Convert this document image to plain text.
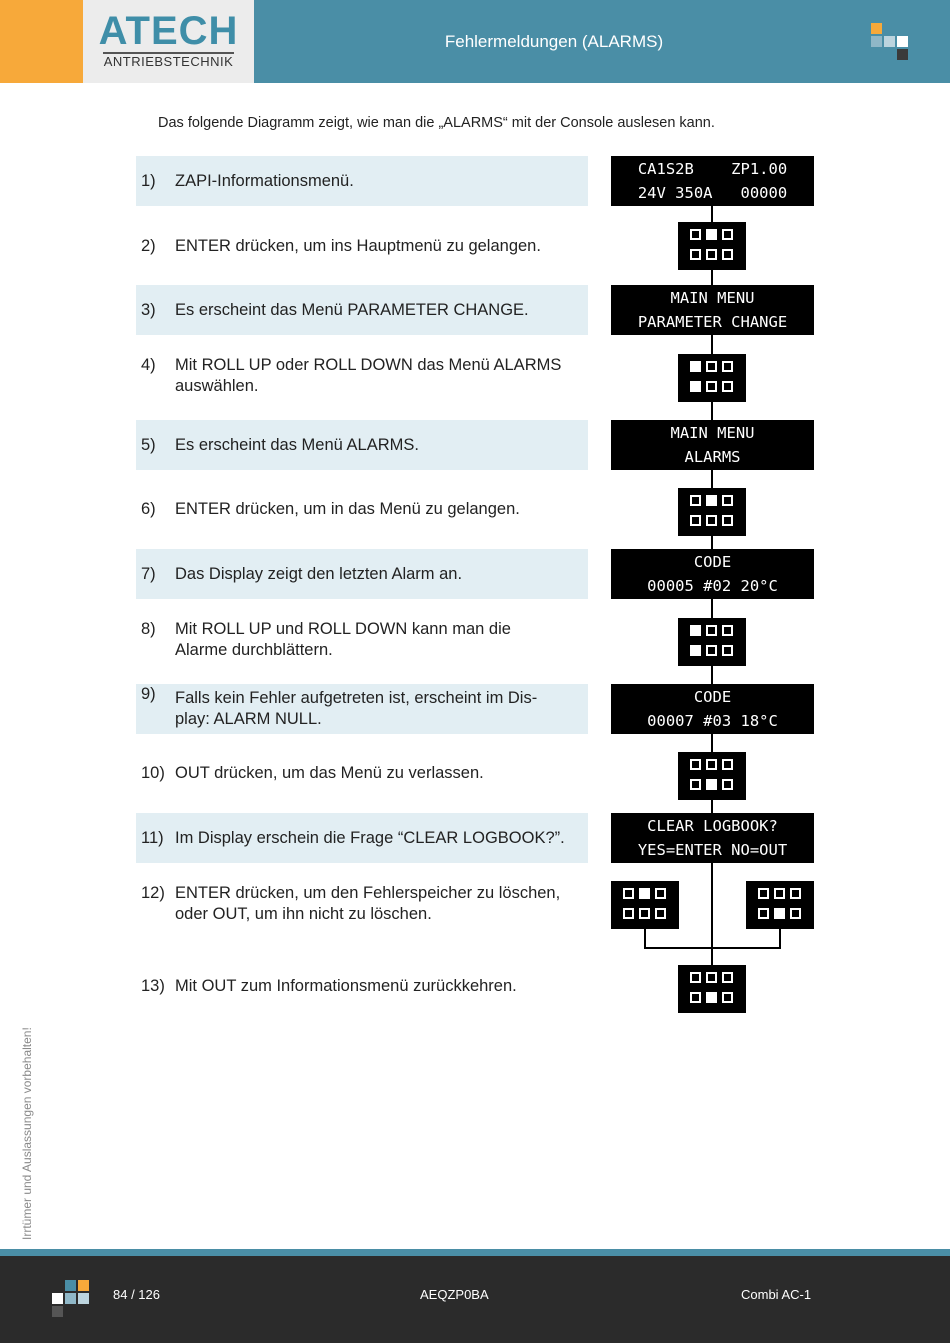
ATECH
ANTRIEBSTECHNIK
Fehlermeldungen (ALARMS)
Das folgende Diagramm zeigt, wie man die „ALARMS“ mit der Console auslesen kann.
1)	ZAPI-Informationsmenü.
2)	ENTER drücken, um ins Hauptmenü zu gelangen.
3)	Es erscheint das Menü PARAMETER CHANGE.
4)	Mit ROLL UP oder ROLL DOWN das Menü ALARMS auswählen.
5)	Es erscheint das Menü ALARMS.
6)	ENTER drücken, um in das Menü zu gelangen.
7)	Das Display zeigt den letzten Alarm an.
8)	Mit ROLL UP und ROLL DOWN kann man die Alarme durchblättern.
9)	Falls kein Fehler aufgetreten ist, erscheint im Dis-play: ALARM NULL.
10) OUT drücken, um das Menü zu verlassen.
11) Im Display erschein die Frage “CLEAR LOGBOOK?”.
12) ENTER drücken, um den Fehlerspeicher zu löschen, oder OUT, um ihn nicht zu löschen.
13) Mit OUT zum Informationsmenü zurückkehren.
CA1S2B    ZP1.00
24V 350A   00000
MAIN MENU
PARAMETER CHANGE
MAIN MENU
ALARMS
CODE
00005 #02 20°C
CODE
00007 #03 18°C
CLEAR LOGBOOK?
YES=ENTER NO=OUT
Irrtümer und Auslassungen vorbehalten!
84 / 126	AEQZP0BA	Combi AC-1
